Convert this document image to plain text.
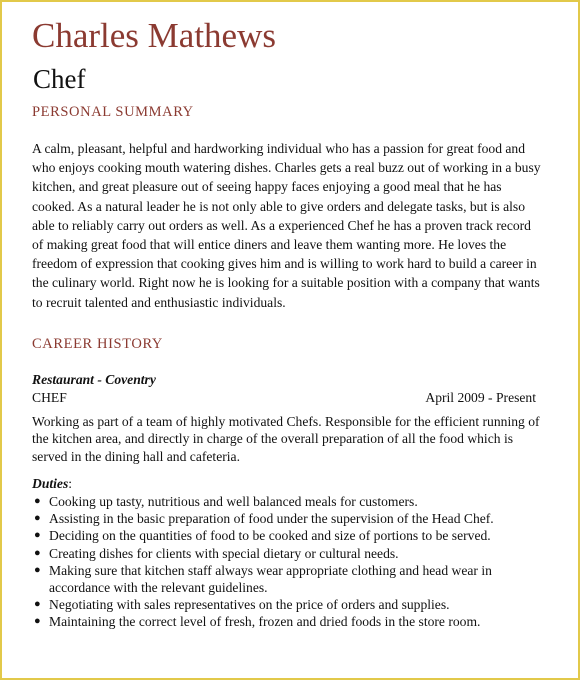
Charles Mathews
Chef
PERSONAL SUMMARY

A calm, pleasant, helpful and hardworking individual who has a passion for great food and who enjoys cooking mouth watering dishes. Charles gets a real buzz out of working in a busy kitchen, and great pleasure out of seeing happy faces enjoying a good meal that he has cooked. As a natural leader he is not only able to give orders and delegate tasks, but is also able to reliably carry out orders as well. As a experienced Chef he has a proven track record of making great food that will entice diners and leave them wanting more. He loves the freedom of expression that cooking gives him and is willing to work hard to build a career in the culinary world. Right now he is looking for a suitable position with a company that wants to recruit talented and enthusiastic individuals.

CAREER HISTORY
Restaurant - Coventry
CHEF	April 2009 - Present

Working as part of a team of highly motivated Chefs. Responsible for the efficient running of the kitchen area, and directly in charge of the overall preparation of all the food which is served in the dining hall and cafeteria.

Duties:
● Cooking up tasty, nutritious and well balanced meals for customers.
● Assisting in the basic preparation of food under the supervision of the Head Chef.
● Deciding on the quantities of food to be cooked and size of portions to be served.
● Creating dishes for clients with special dietary or cultural needs.
● Making sure that kitchen staff always wear appropriate clothing and head wear in accordance with the relevant guidelines.
● Negotiating with sales representatives on the price of orders and supplies.
● Maintaining the correct level of fresh, frozen and dried foods in the store room.
